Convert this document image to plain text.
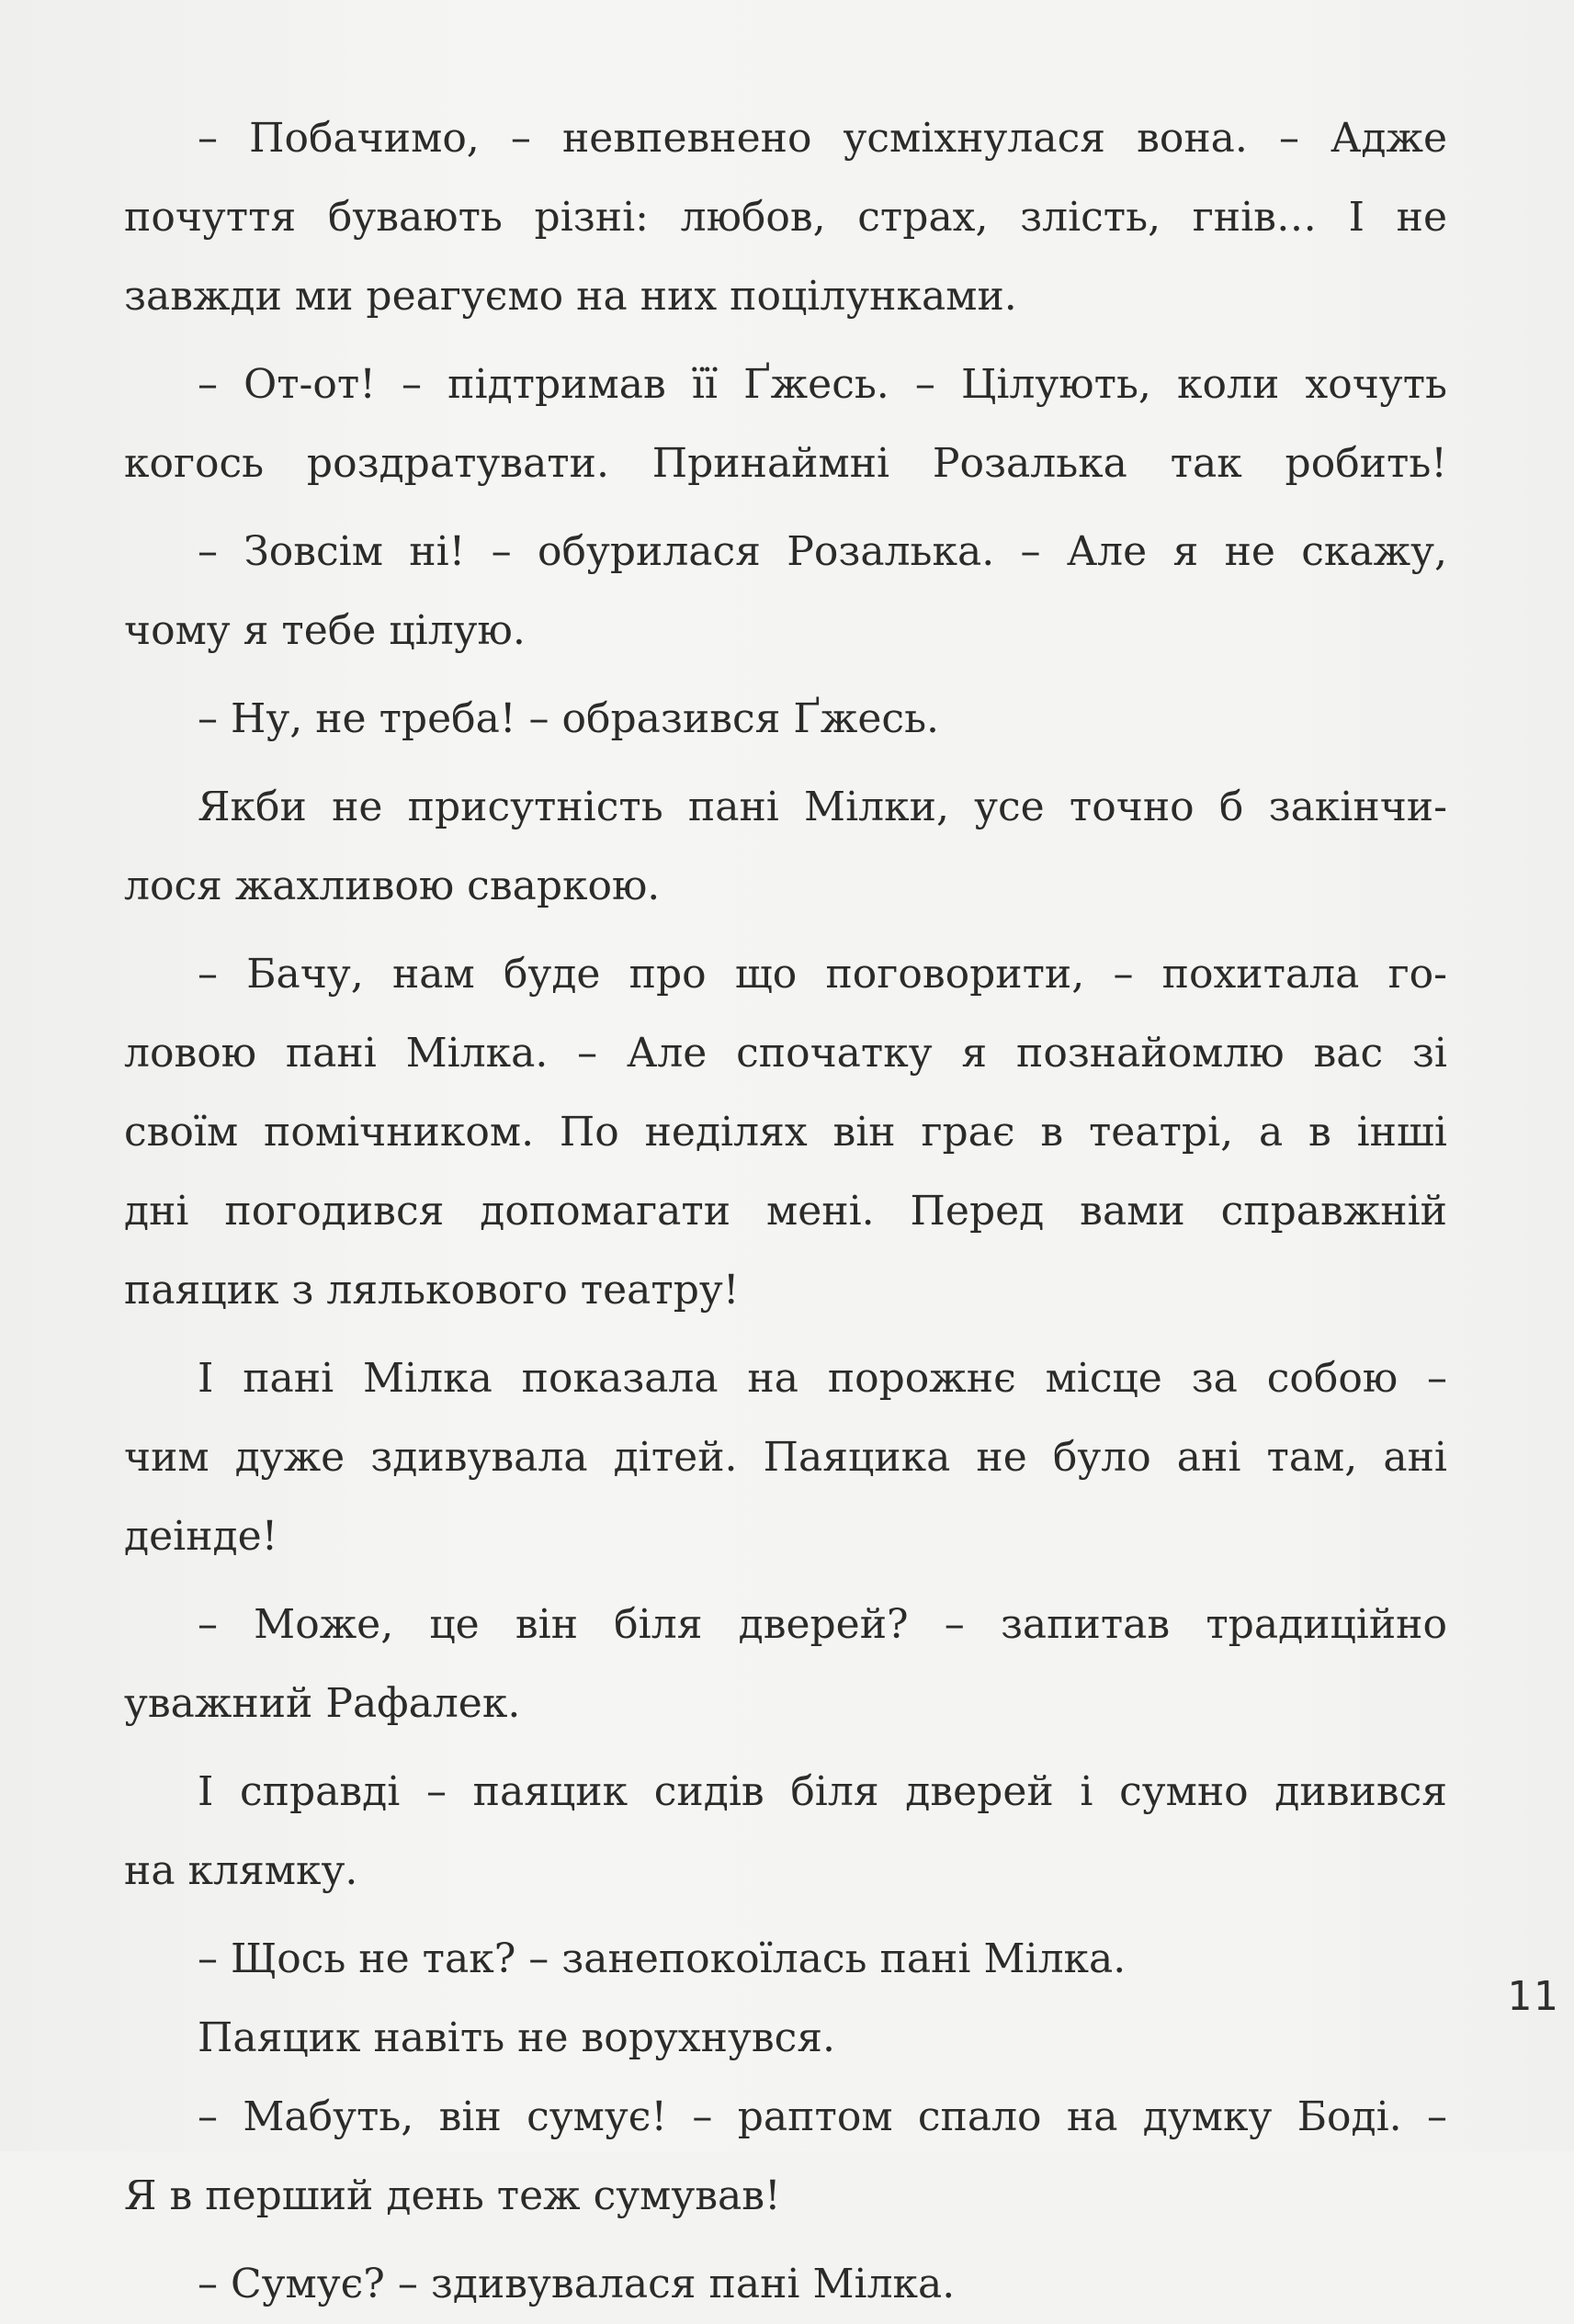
– Побачимо, – невпевнено усміхнулася вона. – Адже
почуття бувають різні: любов, страх, злість, гнів… І не
завжди ми реагуємо на них поцілунками.
– От-от! – підтримав її Ґжесь. – Цілують, коли хочуть
когось роздратувати. Принаймні Розалька так робить!
– Зовсім ні! – обурилася Розалька. – Але я не скажу,
чому я тебе цілую.
– Ну, не треба! – образився Ґжесь.
Якби не присутність пані Мілки, усе точно б закінчи-
лося жахливою сваркою.
– Бачу, нам буде про що поговорити, – похитала го-
ловою пані Мілка. – Але спочатку я познайомлю вас зі
своїм помічником. По неділях він грає в театрі, а в інші
дні погодився допомагати мені. Перед вами справжній
паяцик з лялькового театру!
І пані Мілка показала на порожнє місце за собою –
чим дуже здивувала дітей. Паяцика не було ані там, ані
деінде!
– Може, це він біля дверей? – запитав традиційно
уважний Рафалек.
І справді – паяцик сидів біля дверей і сумно дивився
на клямку.
– Щось не так? – занепокоїлась пані Мілка.
Паяцик навіть не ворухнувся.
– Мабуть, він сумує! – раптом спало на думку Боді. –
Я в перший день теж сумував!
– Сумує? – здивувалася пані Мілка.
11
